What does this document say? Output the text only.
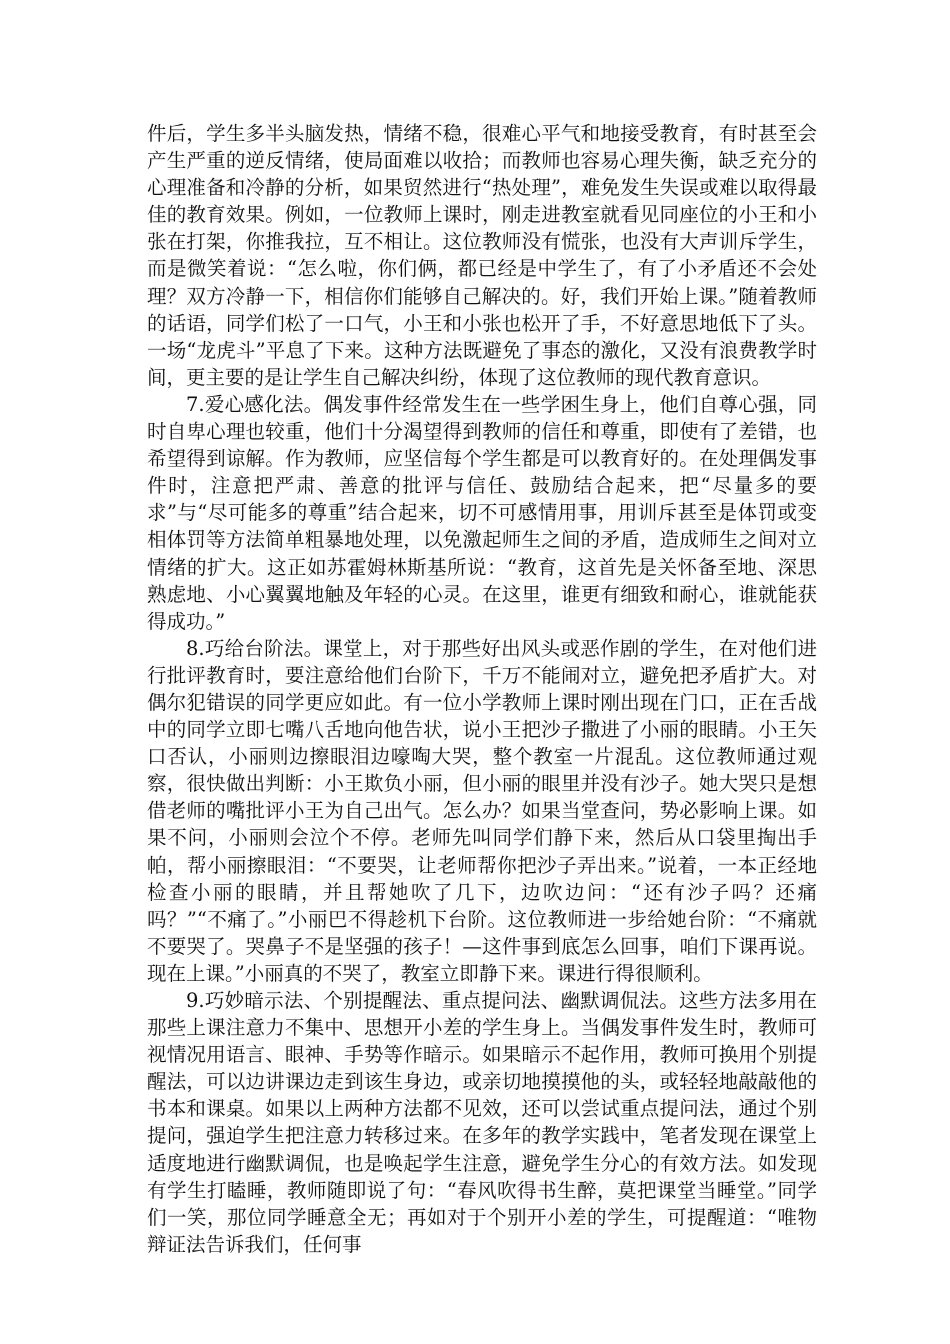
件后，学生多半头脑发热，情绪不稳，很难心平气和地接受教育，有时甚至会产生严重的逆反情绪，使局面难以收拾；而教师也容易心理失衡，缺乏充分的心理准备和冷静的分析，如果贸然进行“热处理”，难免发生失误或难以取得最佳的教育效果。例如，一位教师上课时，刚走进教室就看见同座位的小王和小张在打架，你推我拉，互不相让。这位教师没有慌张，也没有大声训斥学生，而是微笑着说：“怎么啦，你们俩，都已经是中学生了，有了小矛盾还不会处理？双方冷静一下，相信你们能够自己解决的。好，我们开始上课。”随着教师的话语，同学们松了一口气，小王和小张也松开了手，不好意思地低下了头。一场“龙虎斗”平息了下来。这种方法既避免了事态的激化，又没有浪费教学时间，更主要的是让学生自己解决纠纷，体现了这位教师的现代教育意识。

7.爱心感化法。偶发事件经常发生在一些学困生身上，他们自尊心强，同时自卑心理也较重，他们十分渴望得到教师的信任和尊重，即使有了差错，也希望得到谅解。作为教师，应坚信每个学生都是可以教育好的。在处理偶发事件时，注意把严肃、善意的批评与信任、鼓励结合起来，把“尽量多的要求”与“尽可能多的尊重”结合起来，切不可感情用事，用训斥甚至是体罚或变相体罚等方法简单粗暴地处理，以免激起师生之间的矛盾，造成师生之间对立情绪的扩大。这正如苏霍姆林斯基所说：“教育，这首先是关怀备至地、深思熟虑地、小心翼翼地触及年轻的心灵。在这里，谁更有细致和耐心，谁就能获得成功。”

8.巧给台阶法。课堂上，对于那些好出风头或恶作剧的学生，在对他们进行批评教育时，要注意给他们台阶下，千万不能闹对立，避免把矛盾扩大。对偶尔犯错误的同学更应如此。有一位小学教师上课时刚出现在门口，正在舌战中的同学立即七嘴八舌地向他告状，说小王把沙子撒进了小丽的眼睛。小王矢口否认，小丽则边擦眼泪边嚎啕大哭，整个教室一片混乱。这位教师通过观察，很快做出判断：小王欺负小丽，但小丽的眼里并没有沙子。她大哭只是想借老师的嘴批评小王为自己出气。怎么办？如果当堂查问，势必影响上课。如果不问，小丽则会泣个不停。老师先叫同学们静下来，然后从口袋里掏出手帕，帮小丽擦眼泪：“不要哭，让老师帮你把沙子弄出来。”说着，一本正经地检查小丽的眼睛，并且帮她吹了几下，边吹边问：“还有沙子吗？还痛吗？”“不痛了。”小丽巴不得趁机下台阶。这位教师进一步给她台阶：“不痛就不要哭了。哭鼻子不是坚强的孩子！—这件事到底怎么回事，咱们下课再说。现在上课。”小丽真的不哭了，教室立即静下来。课进行得很顺利。

9.巧妙暗示法、个别提醒法、重点提问法、幽默调侃法。这些方法多用在那些上课注意力不集中、思想开小差的学生身上。当偶发事件发生时，教师可视情况用语言、眼神、手势等作暗示。如果暗示不起作用，教师可换用个别提醒法，可以边讲课边走到该生身边，或亲切地摸摸他的头，或轻轻地敲敲他的书本和课桌。如果以上两种方法都不见效，还可以尝试重点提问法，通过个别提问，强迫学生把注意力转移过来。在多年的教学实践中，笔者发现在课堂上适度地进行幽默调侃，也是唤起学生注意，避免学生分心的有效方法。如发现有学生打瞌睡，教师随即说了句：“春风吹得书生醉，莫把课堂当睡堂。”同学们一笑，那位同学睡意全无；再如对于个别开小差的学生，可提醒道：“唯物辩证法告诉我们，任何事
